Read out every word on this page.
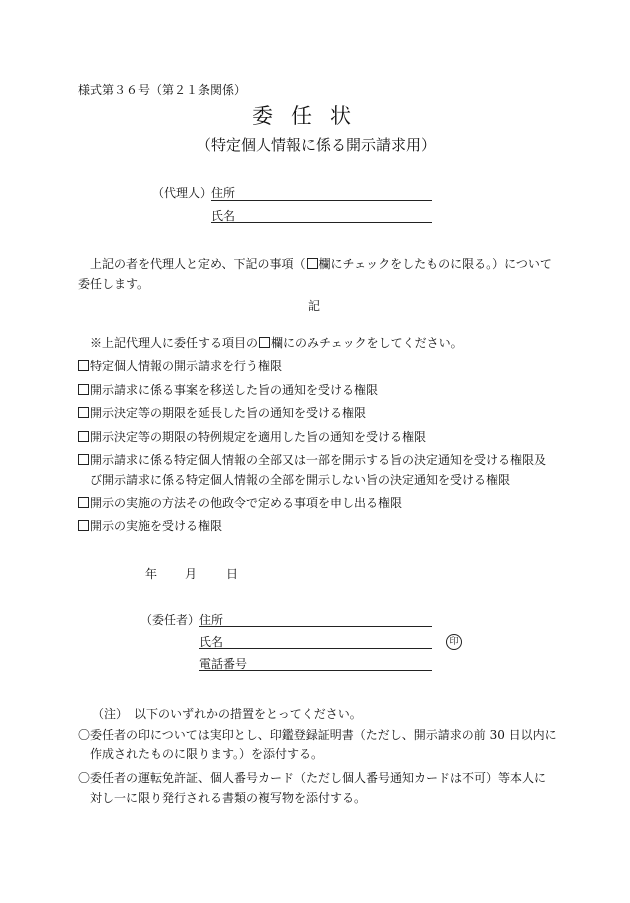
様式第３６号（第２１条関係）
委任状
（特定個人情報に係る開示請求用）
（代理人）
住所
氏名
上記の者を代理人と定め、下記の事項（ 欄にチェックをしたものに限る。）について
委任します。
記
※上記代理人に委任する項目の 欄にのみチェックをしてください。
特定個人情報の開示請求を行う権限
開示請求に係る事案を移送した旨の通知を受ける権限
開示決定等の期限を延長した旨の通知を受ける権限
開示決定等の期限の特例規定を適用した旨の通知を受ける権限
開示請求に係る特定個人情報の全部又は一部を開示する旨の決定通知を受ける権限及
び開示請求に係る特定個人情報の全部を開示しない旨の決定通知を受ける権限
開示の実施の方法その他政令で定める事項を申し出る権限
開示の実施を受ける権限
年 月 日
（委任者）
住所
氏名	印
電話番号
（注）　以下のいずれかの措置をとってください。
〇委任者の印については実印とし、印鑑登録証明書（ただし、開示請求の前 30 日以内に
作成されたものに限ります。）を添付する。
〇委任者の運転免許証、個人番号カード（ただし個人番号通知カードは不可）等本人に
対し一に限り発行される書類の複写物を添付する。
